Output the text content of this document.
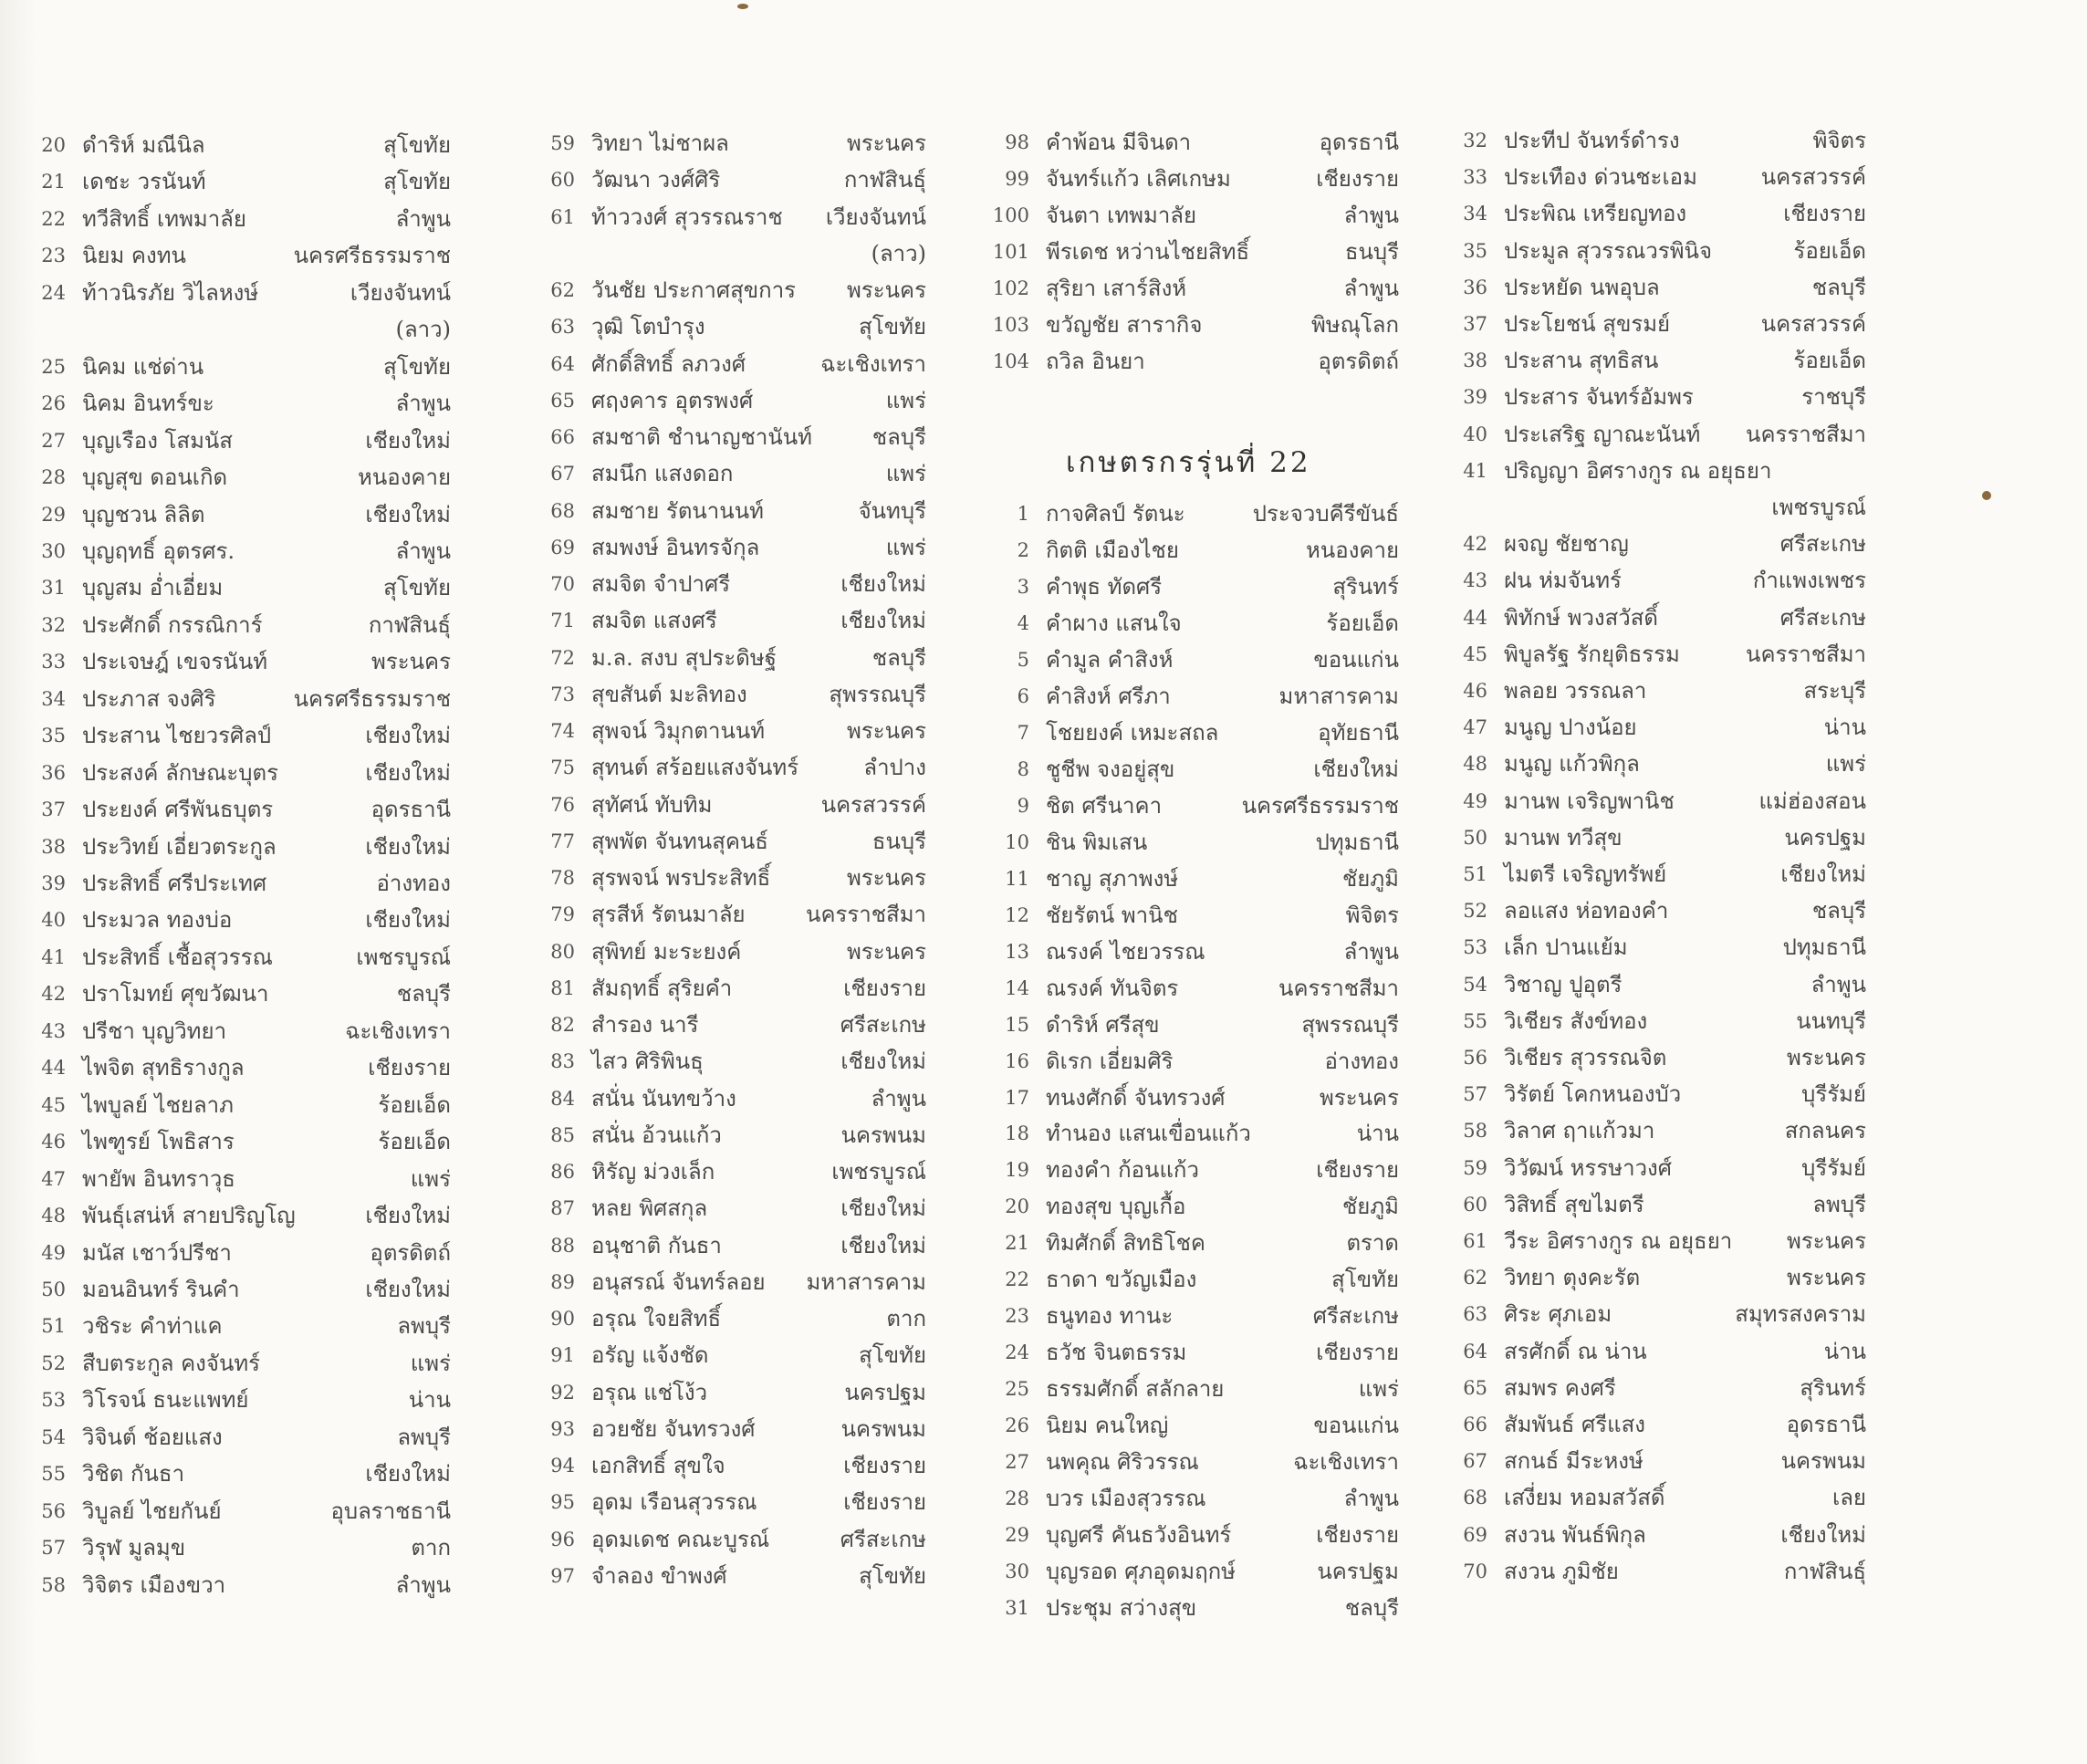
เกษตรกรรุ่นที่ 22
20 ดำริห์ มณีนิล	สุโขทัย
21 เดชะ วรนันท์	สุโขทัย
22 ทวีสิทธิ์ เทพมาลัย	ลำพูน
23 นิยม คงทน	นครศรีธรรมราช
24 ท้าวนิรภัย วิไลหงษ์	เวียงจันทน์
(ลาว)
25 นิคม แช่ด่าน	สุโขทัย
26 นิคม อินทร์ขะ	ลำพูน
27 บุญเรือง โสมนัส	เชียงใหม่
28 บุญสุข ดอนเกิด	หนองคาย
29 บุญชวน ลิลิต	เชียงใหม่
30 บุญฤทธิ์ อุตรศร.	ลำพูน
31 บุญสม อ่ำเอี่ยม	สุโขทัย
32 ประศักดิ์ กรรณิการ์	กาฬสินธุ์
33 ประเจษฎ์ เขจรนันท์	พระนคร
34 ประภาส จงศิริ	นครศรีธรรมราช
35 ประสาน ไชยวรศิลป์	เชียงใหม่
36 ประสงค์ ลักษณะบุตร	เชียงใหม่
37 ประยงค์ ศรีพันธบุตร	อุดรธานี
38 ประวิทย์ เอี่ยวตระกูล	เชียงใหม่
39 ประสิทธิ์ ศรีประเทศ	อ่างทอง
40 ประมวล ทองบ่อ	เชียงใหม่
41 ประสิทธิ์ เชื้อสุวรรณ	เพชรบูรณ์
42 ปราโมทย์ ศุขวัฒนา	ชลบุรี
43 ปรีชา บุญวิทยา	ฉะเชิงเทรา
44 ไพจิต สุทธิรางกูล	เชียงราย
45 ไพบูลย์ ไชยลาภ	ร้อยเอ็ด
46 ไพฑูรย์ โพธิสาร	ร้อยเอ็ด
47 พายัพ อินทราวุธ	แพร่
48 พันธุ์เสน่ห์ สายปริญโญ	เชียงใหม่
49 มนัส เชาว์ปรีชา	อุตรดิตถ์
50 มอนอินทร์ รินคำ	เชียงใหม่
51 วชิระ คำท่าแค	ลพบุรี
52 สืบตระกูล คงจันทร์	แพร่
53 วิโรจน์ ธนะแพทย์	น่าน
54 วิจินต์ ช้อยแสง	ลพบุรี
55 วิชิต กันธา	เชียงใหม่
56 วิบูลย์ ไชยกันย์	อุบลราชธานี
57 วิรุฬ มูลมุข	ตาก
58 วิจิตร เมืองขวา	ลำพูน
59 วิทยา ไม่ชาผล	พระนคร
60 วัฒนา วงศ์ศิริ	กาฬสินธุ์
61 ท้าววงศ์ สุวรรณราช เวียงจันทน์
(ลาว)
62 วันชัย ประกาศสุขการ พระนคร
63 วุฒิ โตบำรุง	สุโขทัย
64 ศักดิ์สิทธิ์ ลภวงศ์	ฉะเชิงเทรา
65 ศฤงคาร อุตรพงศ์	แพร่
66 สมชาติ ชำนาญชานันท์	ชลบุรี
67 สมนึก แสงดอก	แพร่
68 สมชาย รัตนานนท์	จันทบุรี
69 สมพงษ์ อินทรจักุล	แพร่
70 สมจิต จำปาศรี	เชียงใหม่
71 สมจิต แสงศรี	เชียงใหม่
72 ม.ล. สงบ สุประดิษฐ์	ชลบุรี
73 สุขสันต์ มะลิทอง	สุพรรณบุรี
74 สุพจน์ วิมุกตานนท์	พระนคร
75 สุทนต์ สร้อยแสงจันทร์	ลำปาง
76 สุทัศน์ ทับทิม	นครสวรรค์
77 สุพพัต จันทนสุคนธ์	ธนบุรี
78 สุรพจน์ พรประสิทธิ์	พระนคร
79 สุรสีห์ รัตนมาลัย	นครราชสีมา
80 สุพิทย์ มะระยงค์	พระนคร
81 สัมฤทธิ์ สุริยคำ	เชียงราย
82 สำรอง นารี	ศรีสะเกษ
83 ไสว ศิริพินธุ	เชียงใหม่
84 สนั่น นันทขว้าง	ลำพูน
85 สนั่น อ้วนแก้ว	นครพนม
86 หิรัญ ม่วงเล็ก	เพชรบูรณ์
87 หลย พิศสกุล	เชียงใหม่
88 อนุชาติ กันธา	เชียงใหม่
89 อนุสรณ์ จันทร์ลอย มหาสารคาม
90 อรุณ ใจยสิทธิ์	ตาก
91 อรัญ แจ้งชัด	สุโขทัย
92 อรุณ แช่โง้ว	นครปฐม
93 อวยชัย จันทรวงศ์	นครพนม
94 เอกสิทธิ์ สุขใจ	เชียงราย
95 อุดม เรือนสุวรรณ	เชียงราย
96 อุดมเดช คณะบูรณ์	ศรีสะเกษ
97 จำลอง ขำพงศ์	สุโขทัย
98 คำพ้อน มีจินดา	อุดรธานี
99 จันทร์แก้ว เลิศเกษม	เชียงราย
100 จันตา เทพมาลัย	ลำพูน
101 พีรเดช หว่านไชยสิทธิ์	ธนบุรี
102 สุริยา เสาร์สิงห์	ลำพูน
103 ขวัญชัย สารากิจ	พิษณุโลก
104 ถวิล อินยา	อุตรดิตถ์
1 กาจศิลป์ รัตนะ	ประจวบคีรีขันธ์
2 กิตติ เมืองไชย	หนองคาย
3 คำพุธ ทัดศรี	สุรินทร์
4 คำผาง แสนใจ	ร้อยเอ็ด
5 คำมูล คำสิงห์	ขอนแก่น
6 คำสิงห์ ศรีภา	มหาสารคาม
7 โชยยงค์ เหมะสถล	อุทัยธานี
8 ชูชีพ จงอยู่สุข	เชียงใหม่
9 ชิต ศรีนาคา	นครศรีธรรมราช
10 ชิน พิมเสน	ปทุมธานี
11 ชาญ สุภาพงษ์	ชัยภูมิ
12 ชัยรัตน์ พานิช	พิจิตร
13 ณรงค์ ไชยวรรณ	ลำพูน
14 ณรงค์ ทันจิตร	นครราชสีมา
15 ดำริห์ ศรีสุข	สุพรรณบุรี
16 ดิเรก เอี่ยมศิริ	อ่างทอง
17 ทนงศักดิ์ จันทรวงศ์	พระนคร
18 ทำนอง แสนเขื่อนแก้ว	น่าน
19 ทองคำ ก้อนแก้ว	เชียงราย
20 ทองสุข บุญเกื้อ	ชัยภูมิ
21 ทิมศักดิ์ สิทธิโชค	ตราด
22 ธาดา ขวัญเมือง	สุโขทัย
23 ธนูทอง ทานะ	ศรีสะเกษ
24 ธวัช จินตธรรม	เชียงราย
25 ธรรมศักดิ์ สลักลาย	แพร่
26 นิยม คนใหญ่	ขอนแก่น
27 นพคุณ ศิริวรรณ	ฉะเชิงเทรา
28 บวร เมืองสุวรรณ	ลำพูน
29 บุญศรี คันธวังอินทร์	เชียงราย
30 บุญรอด ศุภอุดมฤกษ์	นครปฐม
31 ประชุม สว่างสุข	ชลบุรี
32 ประทีป จันทร์ดำรง	พิจิตร
33 ประเทือง ด่วนชะเอม	นครสวรรค์
34 ประพิณ เหรียญทอง	เชียงราย
35 ประมูล สุวรรณวรพินิจ	ร้อยเอ็ด
36 ประหยัด นพอุบล	ชลบุรี
37 ประโยชน์ สุขรมย์	นครสวรรค์
38 ประสาน สุทธิสน	ร้อยเอ็ด
39 ประสาร จันทร์อัมพร	ราชบุรี
40 ประเสริฐ ญาณะนันท์ นครราชสีมา
41 ปริญญา อิศรางกูร ณ อยุธยา
เพชรบูรณ์
42 ผจญ ชัยชาญ	ศรีสะเกษ
43 ฝน ห่มจันทร์	กำแพงเพชร
44 พิทักษ์ พวงสวัสดิ์	ศรีสะเกษ
45 พิบูลรัฐ รักยุติธรรม	นครราชสีมา
46 พลอย วรรณลา	สระบุรี
47 มนูญ ปางน้อย	น่าน
48 มนูญ แก้วพิกุล	แพร่
49 มานพ เจริญพานิช	แม่ฮ่องสอน
50 มานพ ทวีสุข	นครปฐม
51 ไมตรี เจริญทรัพย์	เชียงใหม่
52 ลอแสง ห่อทองคำ	ชลบุรี
53 เล็ก ปานแย้ม	ปทุมธานี
54 วิชาญ ปูอุตรี	ลำพูน
55 วิเชียร สังข์ทอง	นนทบุรี
56 วิเชียร สุวรรณจิต	พระนคร
57 วิรัตย์ โคกหนองบัว	บุรีรัมย์
58 วิลาศ ฤาแก้วมา	สกลนคร
59 วิวัฒน์ หรรษาวงศ์	บุรีรัมย์
60 วิสิทธิ์ สุขไมตรี	ลพบุรี
61 วีระ อิศรางกูร ณ อยุธยา พระนคร
62 วิทยา ตุงคะรัต	พระนคร
63 ศิระ ศุภเอม	สมุทรสงคราม
64 สรศักดิ์ ณ น่าน	น่าน
65 สมพร คงศรี	สุรินทร์
66 สัมพันธ์ ศรีแสง	อุดรธานี
67 สกนธ์ มีระหงษ์	นครพนม
68 เสงี่ยม หอมสวัสดิ์	เลย
69 สงวน พันธ์พิกุล	เชียงใหม่
70 สงวน ภูมิชัย	กาฬสินธุ์
